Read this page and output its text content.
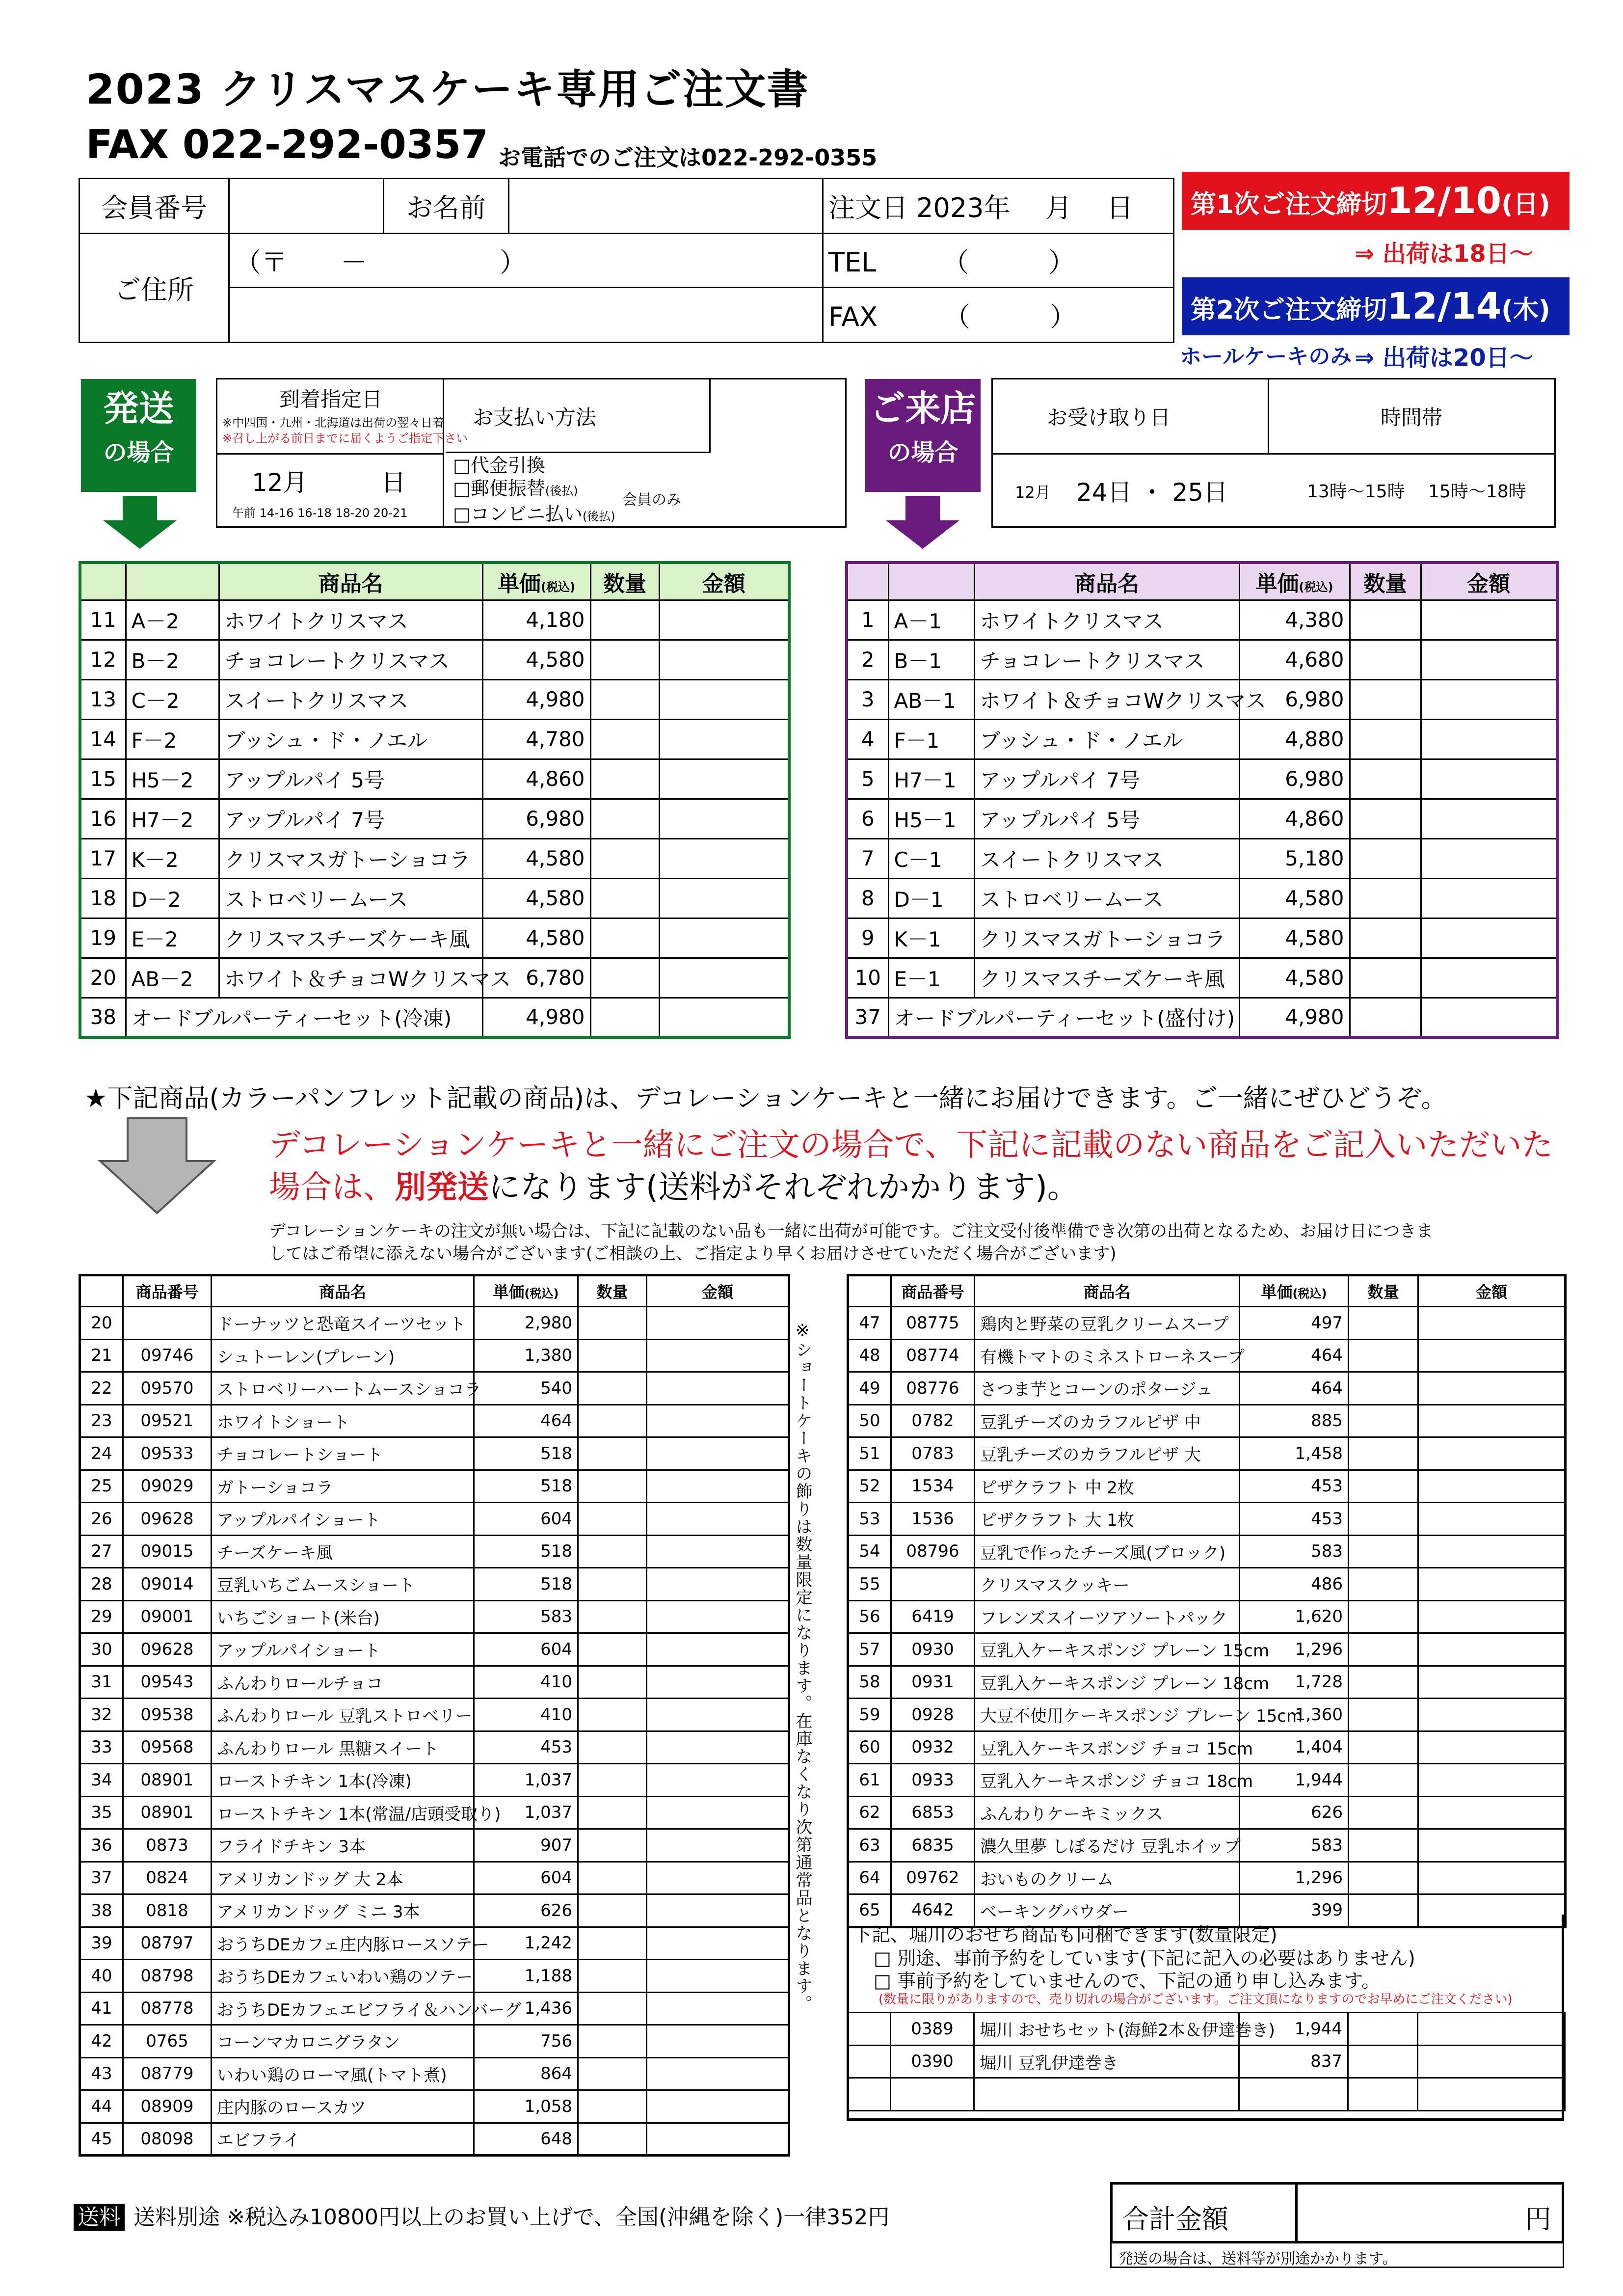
2023 クリスマスケーキ専用ご注文書
FAX 022-292-0357 お電話でのご注文は022-292-0355
会員番号		お名前		注文日 2023年　 月　 日
ご住所	（〒　　－　　　　　）			TEL　　　（　　　）
				FAX　　　（　　　）
第1次ご注文締切12/10(日)
⇒ 出荷は18日～
第2次ご注文締切12/14(木)
ホールケーキのみ ⇒ 出荷は20日～
発送
の場合
到着指定日
※中四国・九州・北海道は出荷の翌々日着
※召し上がる前日までに届くようご指定下さい
12月　　　日
午前 14-16 16-18 18-20 20-21
お支払い方法
□代金引換
□郵便振替(後払)
□コンビニ払い(後払)
会員のみ
ご来店
の場合
お受け取り日	時間帯
12月 24日 ・ 25日	13時～15時　 15時～18時
		商品名	単価(税込)	数量	金額
11	A－2	ホワイトクリスマス	4,180		
12	B－2	チョコレートクリスマス	4,580		
13	C－2	スイートクリスマス	4,980		
14	F－2	ブッシュ・ド・ノエル	4,780		
15	H5－2	アップルパイ 5号	4,860		
16	H7－2	アップルパイ 7号	6,980		
17	K－2	クリスマスガトーショコラ	4,580		
18	D－2	ストロベリームース	4,580		
19	E－2	クリスマスチーズケーキ風	4,580		
20	AB－2	ホワイト＆チョコWクリスマス	6,780		
38	オードブルパーティーセット(冷凍)		4,980		
		商品名	単価(税込)	数量	金額
1	A－1	ホワイトクリスマス	4,380		
2	B－1	チョコレートクリスマス	4,680		
3	AB－1	ホワイト＆チョコWクリスマス	6,980		
4	F－1	ブッシュ・ド・ノエル	4,880		
5	H7－1	アップルパイ 7号	6,980		
6	H5－1	アップルパイ 5号	4,860		
7	C－1	スイートクリスマス	5,180		
8	D－1	ストロベリームース	4,580		
9	K－1	クリスマスガトーショコラ	4,580		
10	E－1	クリスマスチーズケーキ風	4,580		
37	オードブルパーティーセット(盛付け)		4,980		
★下記商品(カラーパンフレット記載の商品)は、デコレーションケーキと一緒にお届けできます。ご一緒にぜひどうぞ。
デコレーションケーキと一緒にご注文の場合で、下記に記載のない商品をご記入いただいた
場合は、別発送になります(送料がそれぞれかかります)。
デコレーションケーキの注文が無い場合は、下記に記載のない品も一緒に出荷が可能です。ご注文受付後準備でき次第の出荷となるため、お届け日につきま
してはご希望に添えない場合がございます(ご相談の上、ご指定より早くお届けさせていただく場合がございます)
	商品番号	商品名	単価(税込)	数量	金額
20		ドーナッツと恐竜スイーツセット	2,980		
21	09746	シュトーレン(プレーン)	1,380		
22	09570	ストロベリーハートムースショコラ	540		
23	09521	ホワイトショート	464		
24	09533	チョコレートショート	518		
25	09029	ガトーショコラ	518		
26	09628	アップルパイショート	604		
27	09015	チーズケーキ風	518		
28	09014	豆乳いちごムースショート	518		
29	09001	いちごショート(米台)	583		
30	09628	アップルパイショート	604		
31	09543	ふんわりロールチョコ	410		
32	09538	ふんわりロール 豆乳ストロベリー	410		
33	09568	ふんわりロール 黒糖スイート	453		
34	08901	ローストチキン 1本(冷凍)	1,037		
35	08901	ローストチキン 1本(常温/店頭受取り)	1,037		
36	0873	フライドチキン 3本	907		
37	0824	アメリカンドッグ 大 2本	604		
38	0818	アメリカンドッグ ミニ 3本	626		
39	08797	おうちDEカフェ庄内豚ロースソテー	1,242		
40	08798	おうちDEカフェいわい鶏のソテー	1,188		
41	08778	おうちDEカフェエビフライ＆ハンバーグ	1,436		
42	0765	コーンマカロニグラタン	756		
43	08779	いわい鶏のローマ風(トマト煮)	864		
44	08909	庄内豚のロースカツ	1,058		
45	08098	エビフライ	648		
※ショートケーキの飾りは数量限定になります。在庫なくなり次第通常品となります。
	商品番号	商品名	単価(税込)	数量	金額
47	08775	鶏肉と野菜の豆乳クリームスープ	497		
48	08774	有機トマトのミネストローネスープ	464		
49	08776	さつま芋とコーンのポタージュ	464		
50	0782	豆乳チーズのカラフルピザ 中	885		
51	0783	豆乳チーズのカラフルピザ 大	1,458		
52	1534	ピザクラフト 中 2枚	453		
53	1536	ピザクラフト 大 1枚	453		
54	08796	豆乳で作ったチーズ風(ブロック)	583		
55		クリスマスクッキー	486		
56	6419	フレンズスイーツアソートパック	1,620		
57	0930	豆乳入ケーキスポンジ プレーン 15cm	1,296		
58	0931	豆乳入ケーキスポンジ プレーン 18cm	1,728		
59	0928	大豆不使用ケーキスポンジ プレーン 15cm	1,360		
60	0932	豆乳入ケーキスポンジ チョコ 15cm	1,404		
61	0933	豆乳入ケーキスポンジ チョコ 18cm	1,944		
62	6853	ふんわりケーキミックス	626		
63	6835	濃久里夢 しぼるだけ 豆乳ホイップ	583		
64	09762	おいものクリーム	1,296		
65	4642	ベーキングパウダー	399		
下記、堀川のおせち商品も同梱できます(数量限定)
□ 別途、事前予約をしています(下記に記入の必要はありません)
□ 事前予約をしていませんので、下記の通り申し込みます。
(数量に限りがありますので、売り切れの場合がございます。ご注文頂になりますのでお早めにご注文ください)
	0389	堀川 おせちセット(海鮮2本＆伊達巻き)	1,944		
	0390	堀川 豆乳伊達巻き	837		

送料 送料別途 ※税込み10800円以上のお買い上げで、全国(沖縄を除く)一律352円	合計金額	円
発送の場合は、送料等が別途かかります。
